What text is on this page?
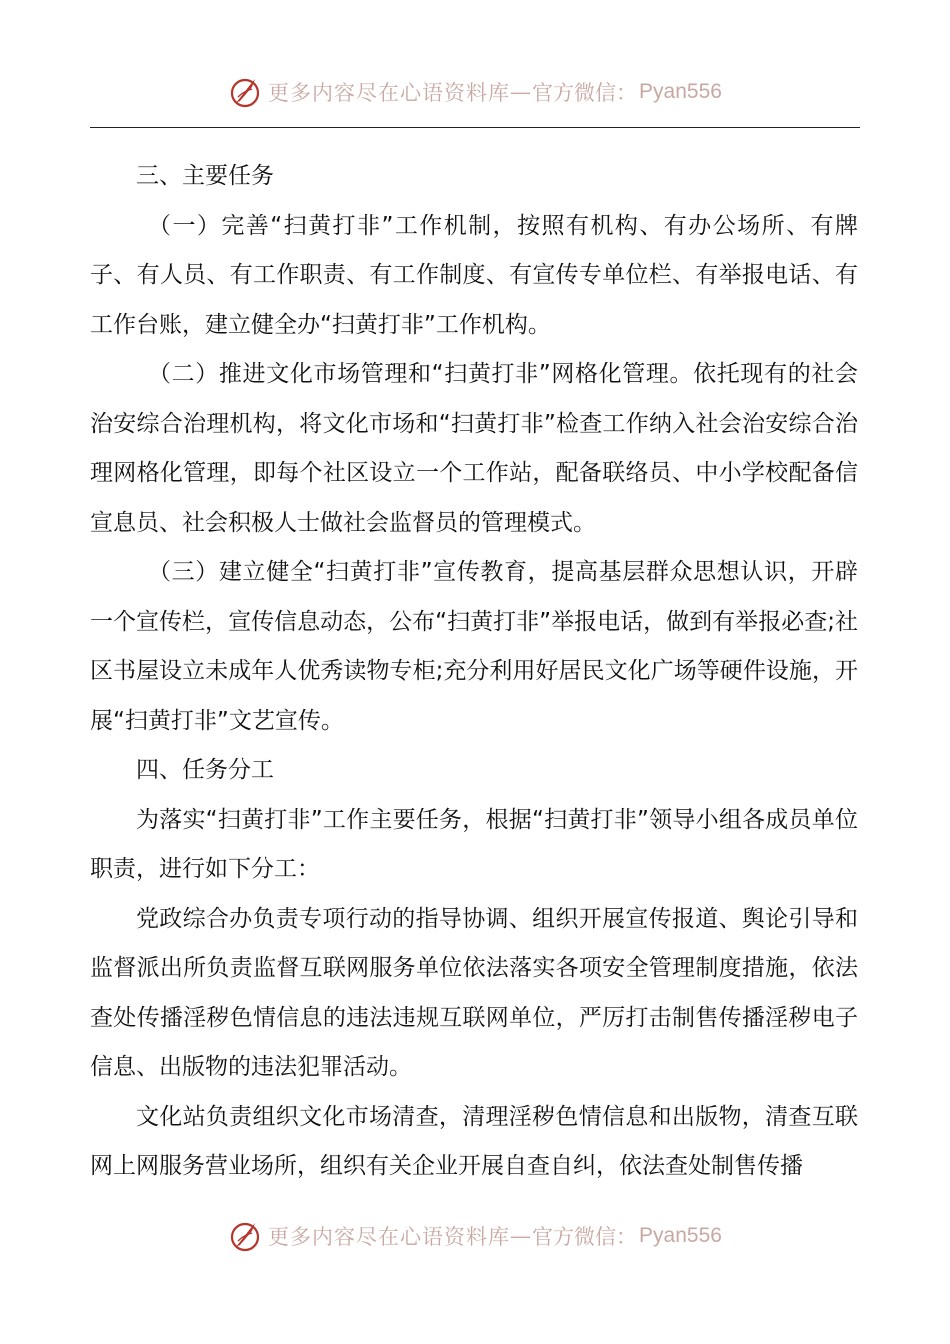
更多内容尽在心语资料库 — 官方微信： Pyan556

三、主要任务

（一）完善“扫黄打非”工作机制，按照有机构、有办公场所、有牌子、有人员、有工作职责、有工作制度、有宣传专单位栏、有举报电话、有工作台账，建立健全办“扫黄打非”工作机构。

（二）推进文化市场管理和“扫黄打非”网格化管理。依托现有的社会治安综合治理机构，将文化市场和“扫黄打非”检查工作纳入社会治安综合治理网格化管理，即每个社区设立一个工作站，配备联络员、中小学校配备信宣息员、社会积极人士做社会监督员的管理模式。

（三）建立健全“扫黄打非”宣传教育，提高基层群众思想认识，开辟一个宣传栏，宣传信息动态，公布“扫黄打非”举报电话，做到有举报必查;社区书屋设立未成年人优秀读物专柜;充分利用好居民文化广场等硬件设施，开展“扫黄打非”文艺宣传。

四、任务分工

为落实“扫黄打非”工作主要任务，根据“扫黄打非”领导小组各成员单位职责，进行如下分工：

党政综合办负责专项行动的指导协调、组织开展宣传报道、舆论引导和监督派出所负责监督互联网服务单位依法落实各项安全管理制度措施，依法查处传播淫秽色情信息的违法违规互联网单位，严厉打击制售传播淫秽电子信息、出版物的违法犯罪活动。

文化站负责组织文化市场清查，清理淫秽色情信息和出版物，清查互联网上网服务营业场所，组织有关企业开展自查自纠，依法查处制售传播

更多内容尽在心语资料库 — 官方微信： Pyan556
